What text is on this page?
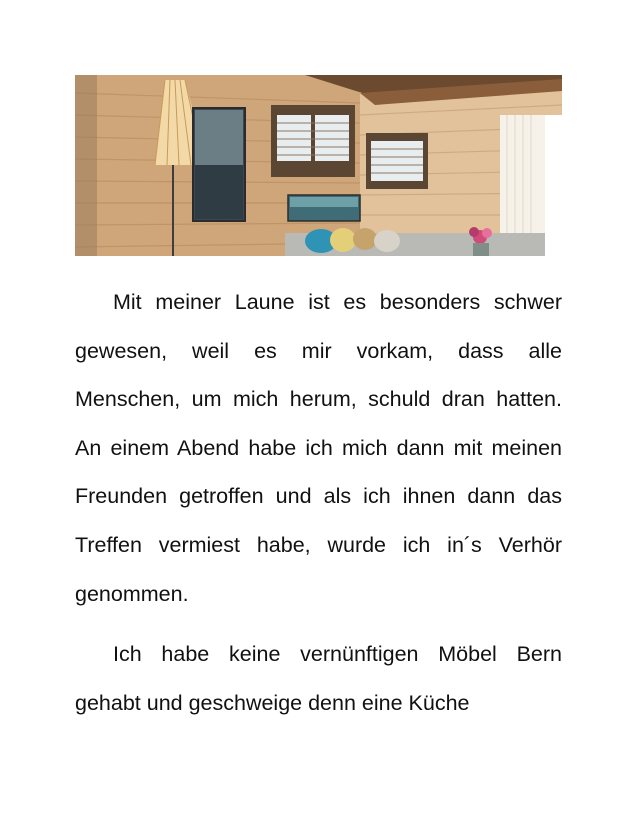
Mit meiner Laune ist es besonders schwer gewesen, weil es mir vorkam, dass alle Menschen, um mich herum, schuld dran hatten. An einem Abend habe ich mich dann mit meinen Freunden getroffen und als ich ihnen dann das Treffen vermiest habe, wurde ich in´s Verhör genommen.

Ich habe keine vernünftigen Möbel Bern gehabt und geschweige denn eine Küche
